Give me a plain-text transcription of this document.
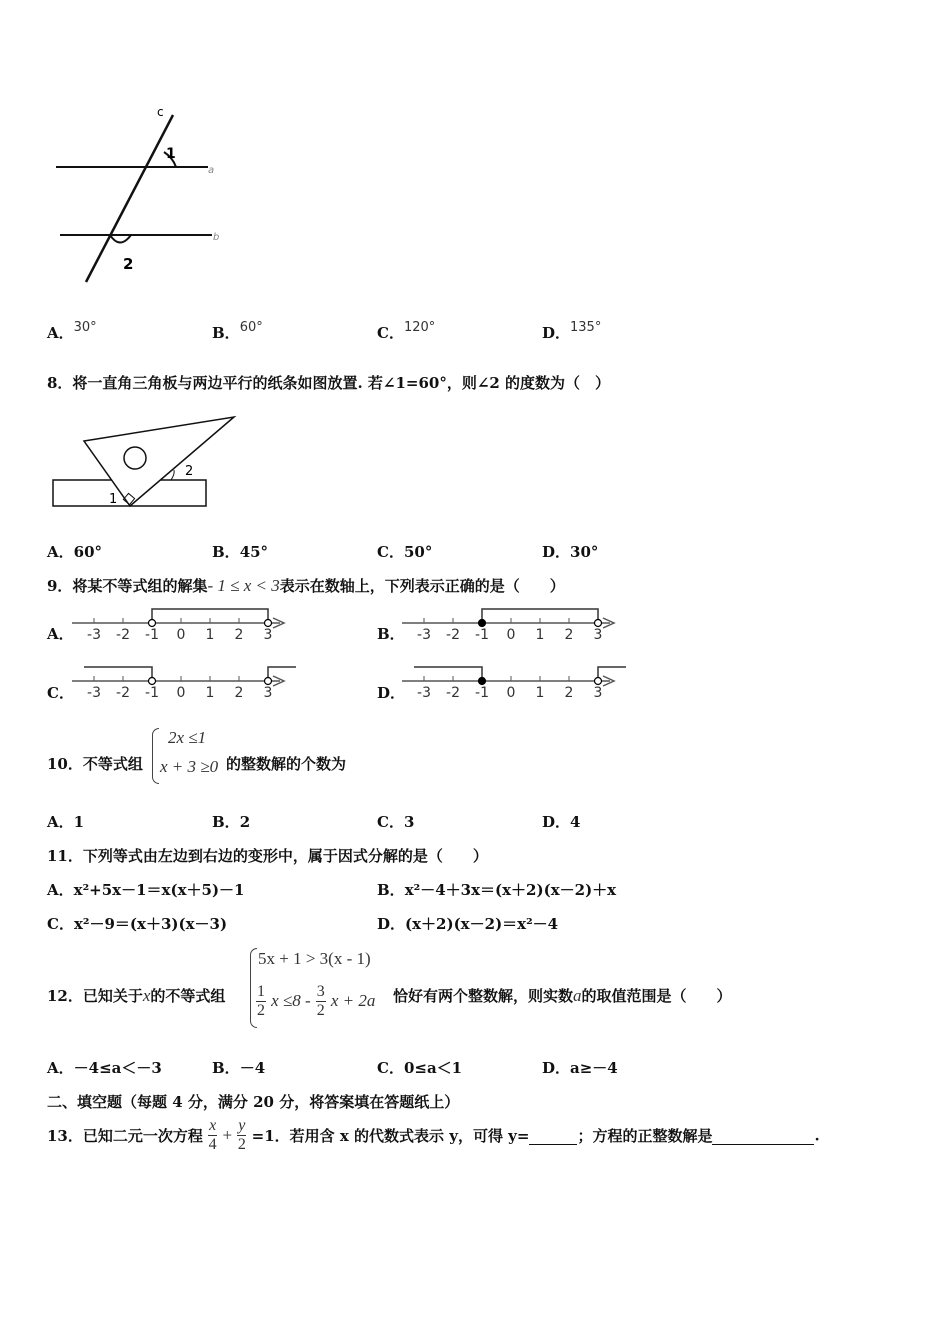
c
a
b
1
2
A．30°	B．60°	C．120°	D．135°
8．将一直角三角板与两边平行的纸条如图放置. 若∠1=60°，则∠2 的度数为（　）
1
2
A．60°	B．45°	C．50°	D．30°
9．将某不等式组的解集- 1 ≤ x < 3表示在数轴上，下列表示正确的是（　　）
A．	B．
C．	D．
-3 -2 -1 0 1 2 3	-3 -2 -1 0 1 2 3
-3 -2 -1 0 1 2 3	-3 -2 -1 0 1 2 3
10．不等式组
2x ≤1
x + 3 ≥0 的整数解的个数为
A．1	B．2	C．3	D．4
11．下列等式由左边到右边的变形中，属于因式分解的是（　　）
A．x²+5x－1＝x(x＋5)－1	B．x²－4＋3x＝(x＋2)(x－2)＋x
C．x²－9＝(x＋3)(x－3)	D．(x＋2)(x－2)＝x²－4
12．已知关于x的不等式组
5x + 1 > 3(x - 1)
$\frac{1}{2}$ $x \le 8 - \frac{3}{2}$ x + 2a 恰好有两个整数解，则实数a的取值范围是（　　）
A．－4≤a＜－3	B．－4	C．0≤a＜1	D．a≥－4
二、填空题（每题 4 分，满分 20 分，将答案填在答题纸上）
13．已知二元一次方程 $\frac{x}{4} + \frac{y}{2} =1$．若用含 x 的代数式表示 y，可得 y=	；方程的正整数解是	.
